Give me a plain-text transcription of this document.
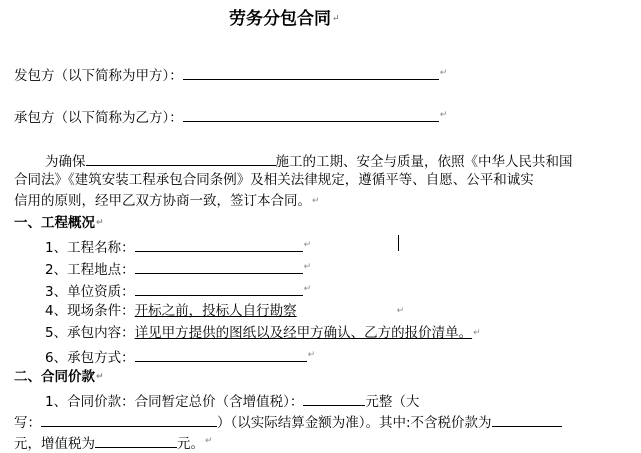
劳务分包合同↵
发包方（以下简称为甲方）：	↵
承包方（以下简称为乙方）：	↵
为确保	施工的工期、安全与质量，依照《中华人民共和国
合同法》《建筑安装工程承包合同条例》及相关法律规定，遵循平等、自愿、公平和诚实
信用的原则，经甲乙双方协商一致，签订本合同。↵
一、工程概况↵
1、工程名称：	↵
2、工程地点：	↵
3、单位资质：	↵
4、现场条件：开标之前，投标人自行勘察	↵
5、承包内容：详见甲方提供的图纸以及经甲方确认、乙方的报价清单。↵
6、承包方式：	↵
二、合同价款↵
1、合同价款：合同暂定总价（含增值税）：	元整（大
写：	）（以实际结算金额为准）。其中:不含税价款为
元，增值税为	元。↵
